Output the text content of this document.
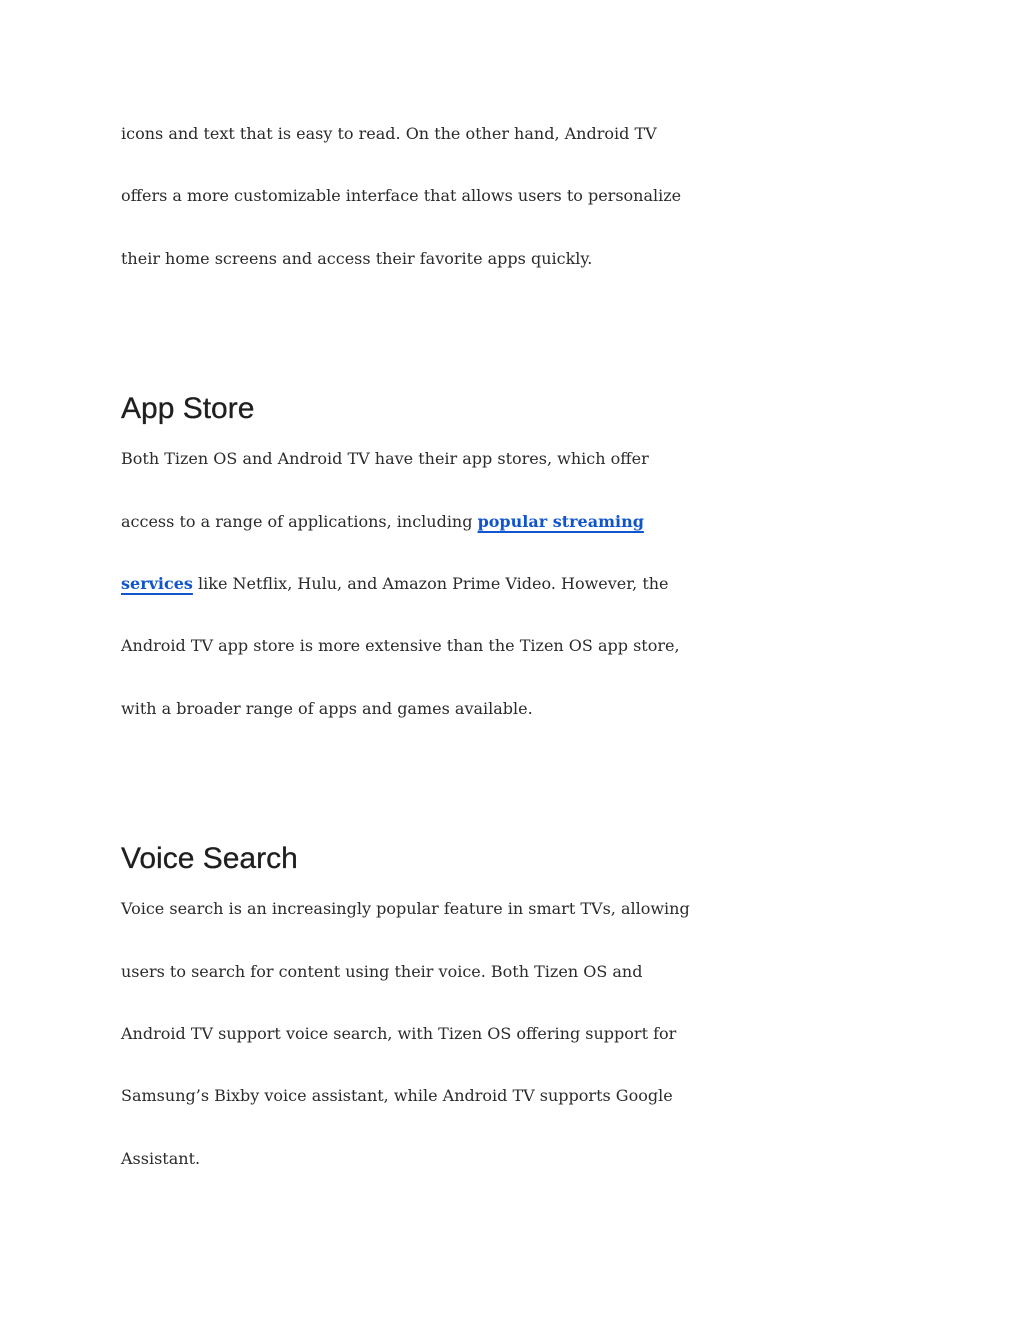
icons and text that is easy to read. On the other hand, Android TV
offers a more customizable interface that allows users to personalize
their home screens and access their favorite apps quickly.

App Store

Both Tizen OS and Android TV have their app stores, which offer
access to a range of applications, including popular streaming
services like Netflix, Hulu, and Amazon Prime Video. However, the
Android TV app store is more extensive than the Tizen OS app store,
with a broader range of apps and games available.

Voice Search

Voice search is an increasingly popular feature in smart TVs, allowing
users to search for content using their voice. Both Tizen OS and
Android TV support voice search, with Tizen OS offering support for
Samsung’s Bixby voice assistant, while Android TV supports Google
Assistant.
